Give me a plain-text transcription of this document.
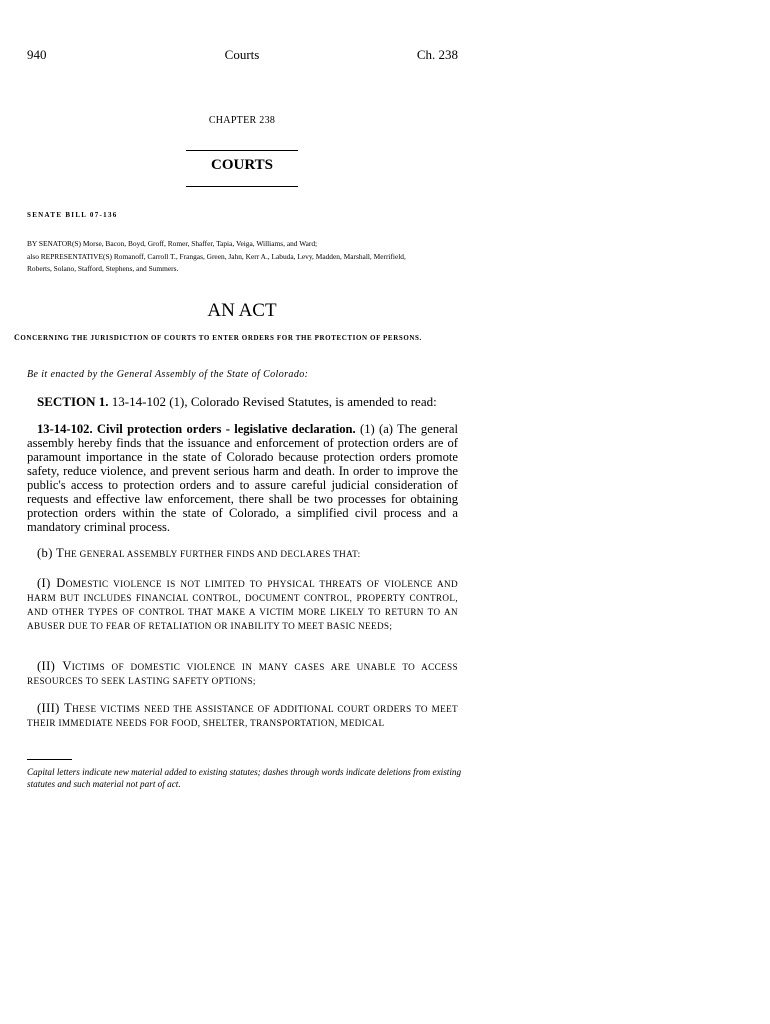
940	Courts	Ch. 238
CHAPTER 238
COURTS
SENATE BILL 07-136
BY SENATOR(S) Morse, Bacon, Boyd, Groff, Romer, Shaffer, Tapia, Veiga, Williams, and Ward;
also REPRESENTATIVE(S) Romanoff, Carroll T., Frangas, Green, Jahn, Kerr A., Labuda, Levy, Madden, Marshall, Merrifield,
Roberts, Solano, Stafford, Stephens, and Summers.
AN ACT
CONCERNING THE JURISDICTION OF COURTS TO ENTER ORDERS FOR THE PROTECTION OF PERSONS.
Be it enacted by the General Assembly of the State of Colorado:
SECTION 1. 13-14-102 (1), Colorado Revised Statutes, is amended to read:
13-14-102. Civil protection orders - legislative declaration. (1) (a) The general assembly hereby finds that the issuance and enforcement of protection orders are of paramount importance in the state of Colorado because protection orders promote safety, reduce violence, and prevent serious harm and death. In order to improve the public's access to protection orders and to assure careful judicial consideration of requests and effective law enforcement, there shall be two processes for obtaining protection orders within the state of Colorado, a simplified civil process and a mandatory criminal process.
(b) THE GENERAL ASSEMBLY FURTHER FINDS AND DECLARES THAT:
(I) DOMESTIC VIOLENCE IS NOT LIMITED TO PHYSICAL THREATS OF VIOLENCE AND HARM BUT INCLUDES FINANCIAL CONTROL, DOCUMENT CONTROL, PROPERTY CONTROL, AND OTHER TYPES OF CONTROL THAT MAKE A VICTIM MORE LIKELY TO RETURN TO AN ABUSER DUE TO FEAR OF RETALIATION OR INABILITY TO MEET BASIC NEEDS;
(II) VICTIMS OF DOMESTIC VIOLENCE IN MANY CASES ARE UNABLE TO ACCESS RESOURCES TO SEEK LASTING SAFETY OPTIONS;
(III) THESE VICTIMS NEED THE ASSISTANCE OF ADDITIONAL COURT ORDERS TO MEET THEIR IMMEDIATE NEEDS FOR FOOD, SHELTER, TRANSPORTATION, MEDICAL
Capital letters indicate new material added to existing statutes; dashes through words indicate deletions from existing statutes and such material not part of act.
